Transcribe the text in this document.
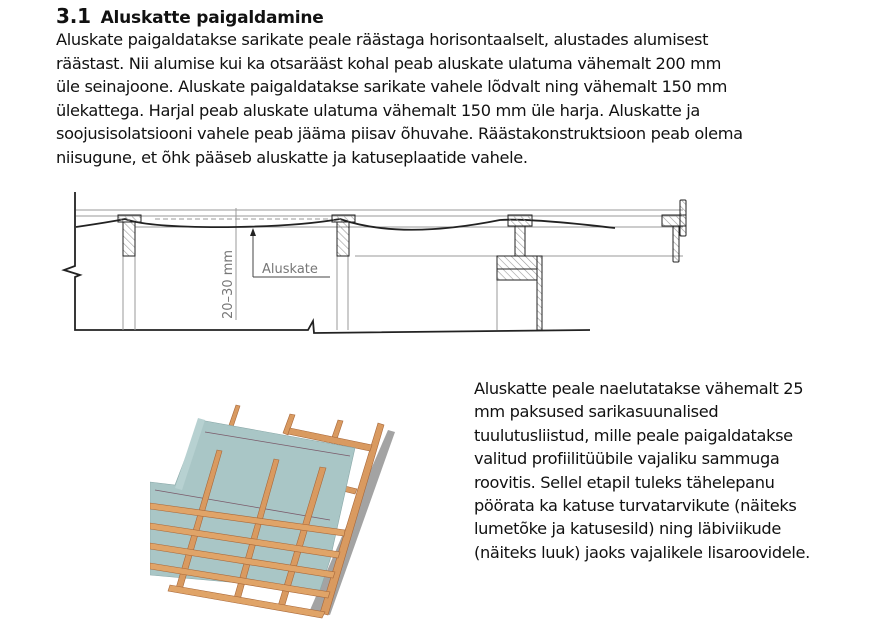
3.1 Aluskatte paigaldamine
Aluskate paigaldatakse sarikate peale räästaga horisontaalselt, alustades alumisest
räästast. Nii alumise kui ka otsarääst kohal peab aluskate ulatuma vähemalt 200 mm
üle seinajoone. Aluskate paigaldatakse sarikate vahele lõdvalt ning vähemalt 150 mm
ülekattega. Harjal peab aluskate ulatuma vähemalt 150 mm üle harja. Aluskatte ja
soojusisolatsiooni vahele peab jääma piisav õhuvahe. Räästakonstruktsioon peab olema
niisugune, et õhk pääseb aluskatte ja katuseplaatide vahele.
Aluskate
20–30 mm
Aluskatte peale naelutatakse vähemalt 25
mm paksused sarikasuunalised
tuulutusliistud, mille peale paigaldatakse
valitud profiilitüübile vajaliku sammuga
roovitis. Sellel etapil tuleks tähelepanu
pöörata ka katuse turvatarvikute (näiteks
lumetõke ja katusesild) ning läbiviikude
(näiteks luuk) jaoks vajalikele lisaroovidele.
